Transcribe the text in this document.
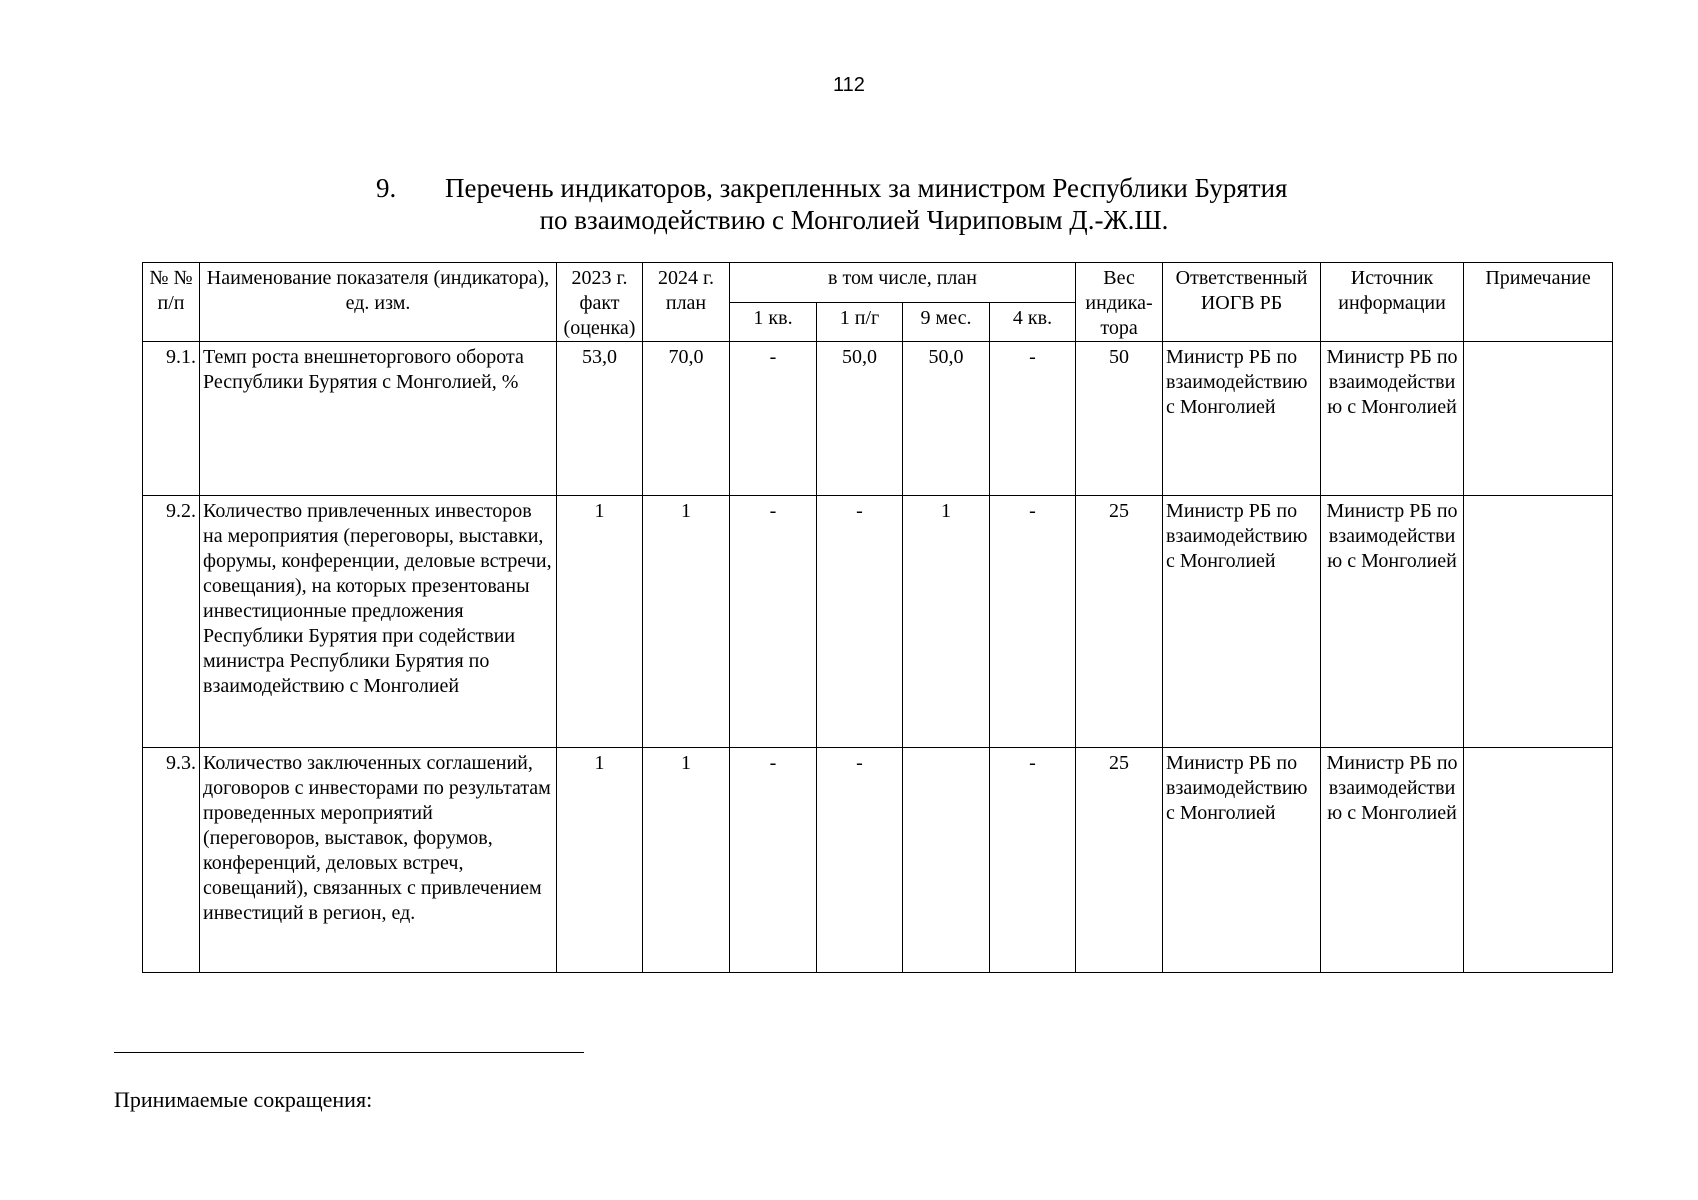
112
9. Перечень индикаторов, закрепленных за министром Республики Бурятия
по взаимодействию с Монголией Чириповым Д.-Ж.Ш.
№ № п/п	Наименование показателя (индикатора), ед. изм.	2023 г. факт (оценка)	2024 г. план	в том числе, план				Вес индика-тора	Ответственный ИОГВ РБ	Источник информации	Примечание
				1 кв.	1 п/г	9 мес.	4 кв.				
9.1.	Темп роста внешнеторгового оборота Республики Бурятия с Монголией, %	53,0	70,0	-	50,0	50,0	-	50	Министр РБ по взаимодействию с Монголией	Министр РБ по взаимодействию с Монголией	
9.2.	Количество привлеченных инвесторов на мероприятия (переговоры, выставки, форумы, конференции, деловые встречи, совещания), на которых презентованы инвестиционные предложения Республики Бурятия при содействии министра Республики Бурятия по взаимодействию с Монголией	1	1	-	-	1	-	25	Министр РБ по взаимодействию с Монголией	Министр РБ по взаимодействию с Монголией	
9.3.	Количество заключенных соглашений, договоров с инвесторами по результатам проведенных мероприятий (переговоров, выставок, форумов, конференций, деловых встреч, совещаний), связанных с привлечением инвестиций в регион, ед.	1	1	-	-		-	25	Министр РБ по взаимодействию с Монголией	Министр РБ по взаимодействию с Монголией	
Принимаемые сокращения:
